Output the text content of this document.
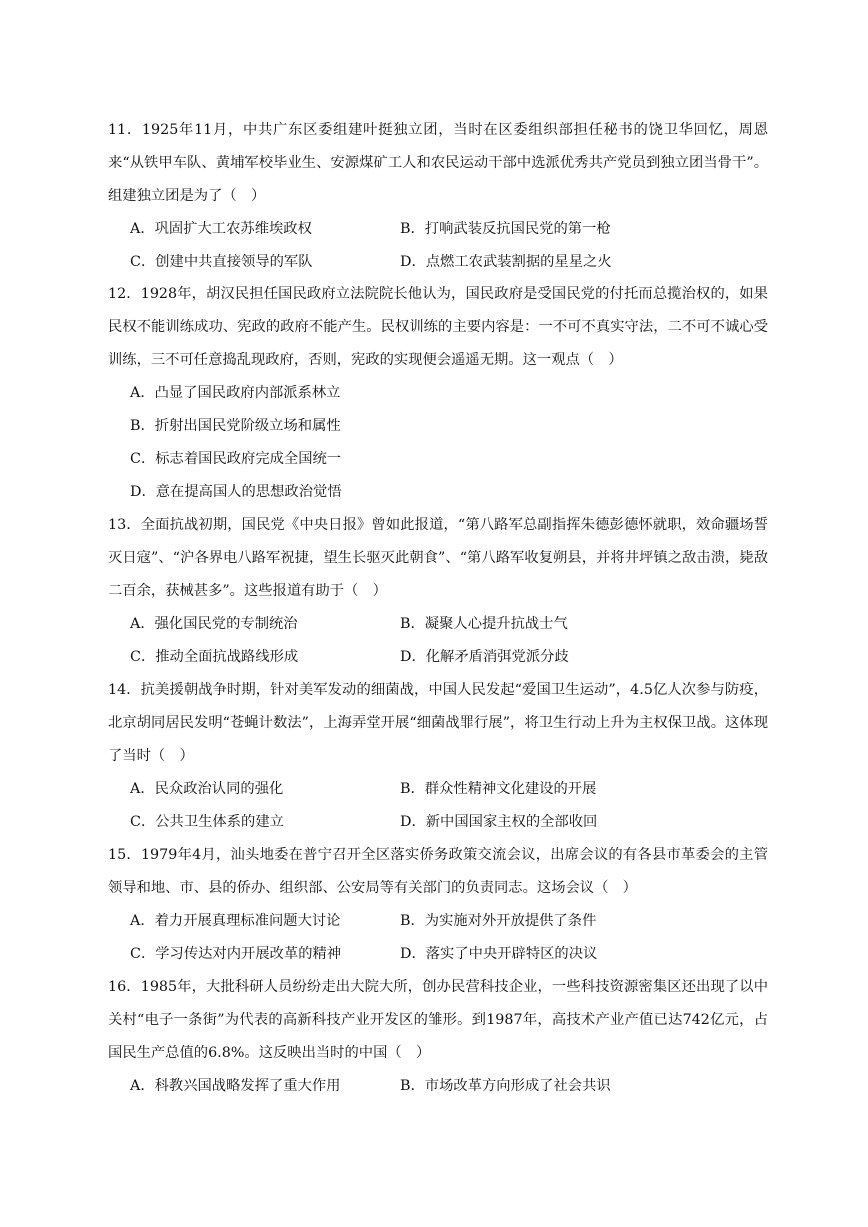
11．1925年11月，中共广东区委组建叶挺独立团，当时在区委组织部担任秘书的饶卫华回忆，周恩来“从铁甲车队、黄埔军校毕业生、安源煤矿工人和农民运动干部中选派优秀共产党员到独立团当骨干”。组建独立团是为了（　）

A．巩固扩大工农苏维埃政权	B．打响武装反抗国民党的第一枪
C．创建中共直接领导的军队	D．点燃工农武装割据的星星之火

12．1928年，胡汉民担任国民政府立法院院长他认为，国民政府是受国民党的付托而总揽治权的，如果民权不能训练成功、宪政的政府不能产生。民权训练的主要内容是：一不可不真实守法，二不可不诚心受训练，三不可任意捣乱现政府，否则，宪政的实现便会遥遥无期。这一观点（　）

A．凸显了国民政府内部派系林立
B．折射出国民党阶级立场和属性
C．标志着国民政府完成全国统一
D．意在提高国人的思想政治觉悟

13．全面抗战初期，国民党《中央日报》曾如此报道，“第八路军总副指挥朱德彭德怀就职，效命疆场誓灭日寇”、“沪各界电八路军祝捷，望生长驱灭此朝食”、“第八路军收复朔县，并将井坪镇之敌击溃，毙敌二百余，获械甚多”。这些报道有助于（　）

A．强化国民党的专制统治	B．凝聚人心提升抗战士气
C．推动全面抗战路线形成	D．化解矛盾消弭党派分歧

14．抗美援朝战争时期，针对美军发动的细菌战，中国人民发起“爱国卫生运动”，4.5亿人次参与防疫，北京胡同居民发明“苍蝇计数法”，上海弄堂开展“细菌战罪行展”，将卫生行动上升为主权保卫战。这体现了当时（　）

A．民众政治认同的强化	B．群众性精神文化建设的开展
C．公共卫生体系的建立	D．新中国国家主权的全部收回

15．1979年4月，汕头地委在普宁召开全区落实侨务政策交流会议，出席会议的有各县市革委会的主管领导和地、市、县的侨办、组织部、公安局等有关部门的负责同志。这场会议（　）

A．着力开展真理标准问题大讨论	B．为实施对外开放提供了条件
C．学习传达对内开展改革的精神	D．落实了中央开辟特区的决议

16．1985年，大批科研人员纷纷走出大院大所，创办民营科技企业，一些科技资源密集区还出现了以中关村“电子一条街”为代表的高新科技产业开发区的雏形。到1987年，高技术产业产值已达742亿元，占国民生产总值的6.8%。这反映出当时的中国（　）

A．科教兴国战略发挥了重大作用	B．市场改革方向形成了社会共识
